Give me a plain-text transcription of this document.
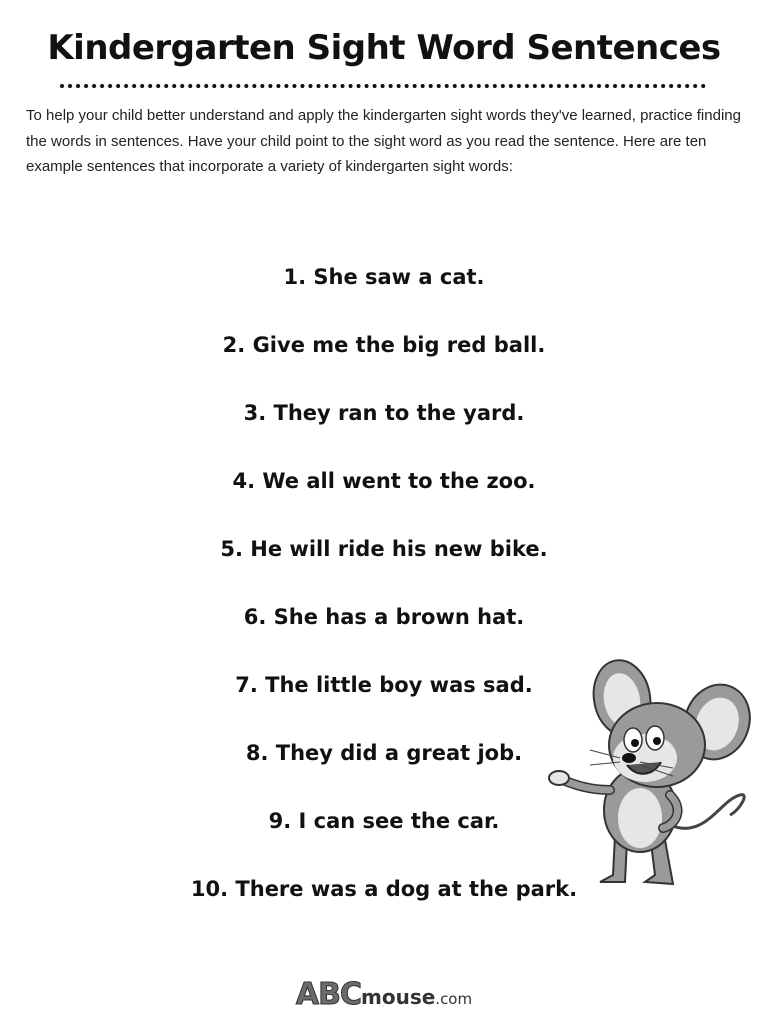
Kindergarten Sight Word Sentences

To help your child better understand and apply the kindergarten sight words they've learned, practice finding the words in sentences. Have your child point to the sight word as you read the sentence. Here are ten example sentences that incorporate a variety of kindergarten sight words:

1. She saw a cat.
2. Give me the big red ball.
3. They ran to the yard.
4. We all went to the zoo.
5. He will ride his new bike.
6. She has a brown hat.
7. The little boy was sad.
8. They did a great job.
9. I can see the car.
10. There was a dog at the park.
ABCmouse.com
